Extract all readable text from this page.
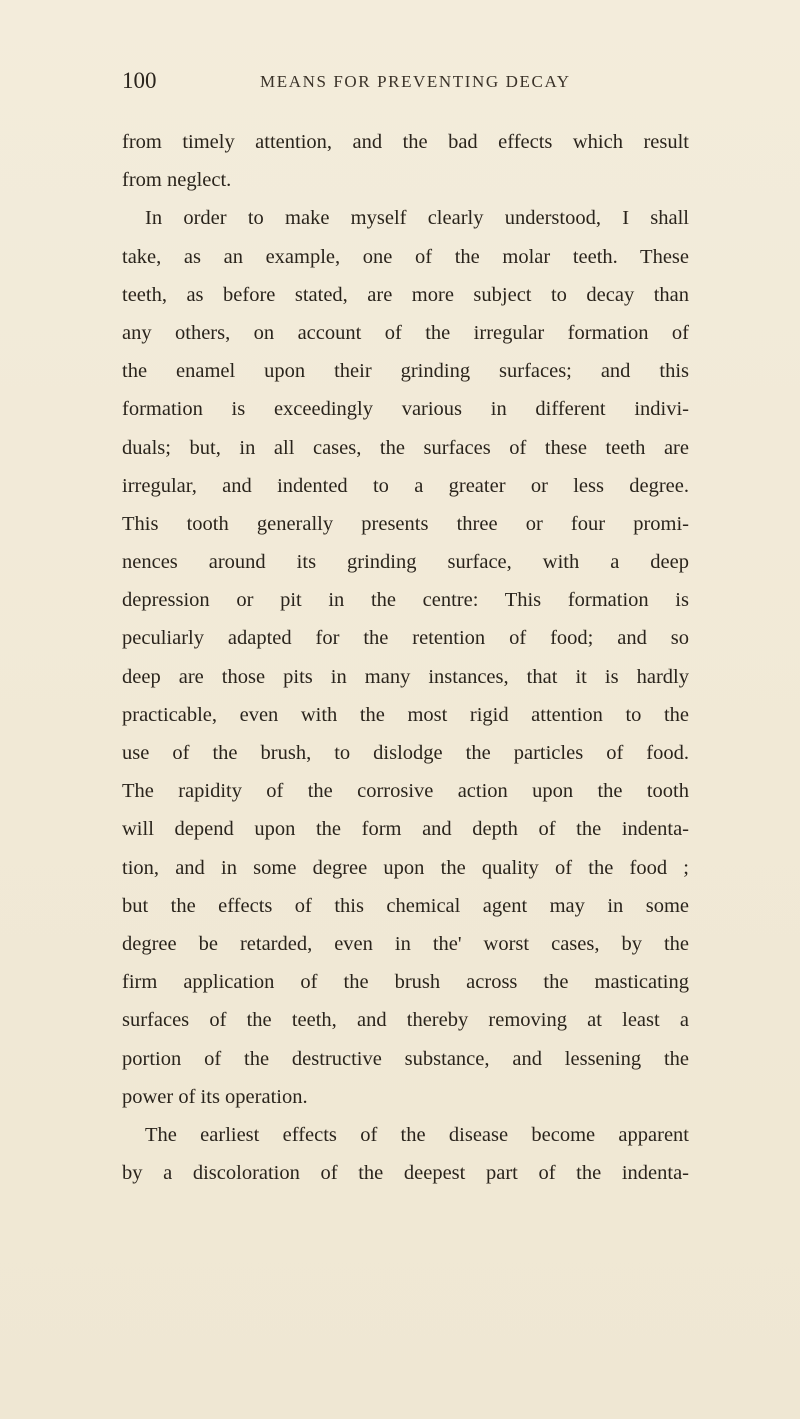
100	MEANS FOR PREVENTING DECAY
from timely attention, and the bad effects which result
from neglect.
In order to make myself clearly understood, I shall
take, as an example, one of the molar teeth. These
teeth, as before stated, are more subject to decay than
any others, on account of the irregular formation of
the enamel upon their grinding surfaces; and this
formation is exceedingly various in different indivi-
duals; but, in all cases, the surfaces of these teeth are
irregular, and indented to a greater or less degree.
This tooth generally presents three or four promi-
nences around its grinding surface, with a deep
depression or pit in the centre: This formation is
peculiarly adapted for the retention of food; and so
deep are those pits in many instances, that it is hardly
practicable, even with the most rigid attention to the
use of the brush, to dislodge the particles of food.
The rapidity of the corrosive action upon the tooth
will depend upon the form and depth of the indenta-
tion, and in some degree upon the quality of the food ;
but the effects of this chemical agent may in some
degree be retarded, even in the' worst cases, by the
firm application of the brush across the masticating
surfaces of the teeth, and thereby removing at least a
portion of the destructive substance, and lessening the
power of its operation.
The earliest effects of the disease become apparent
by a discoloration of the deepest part of the indenta-
